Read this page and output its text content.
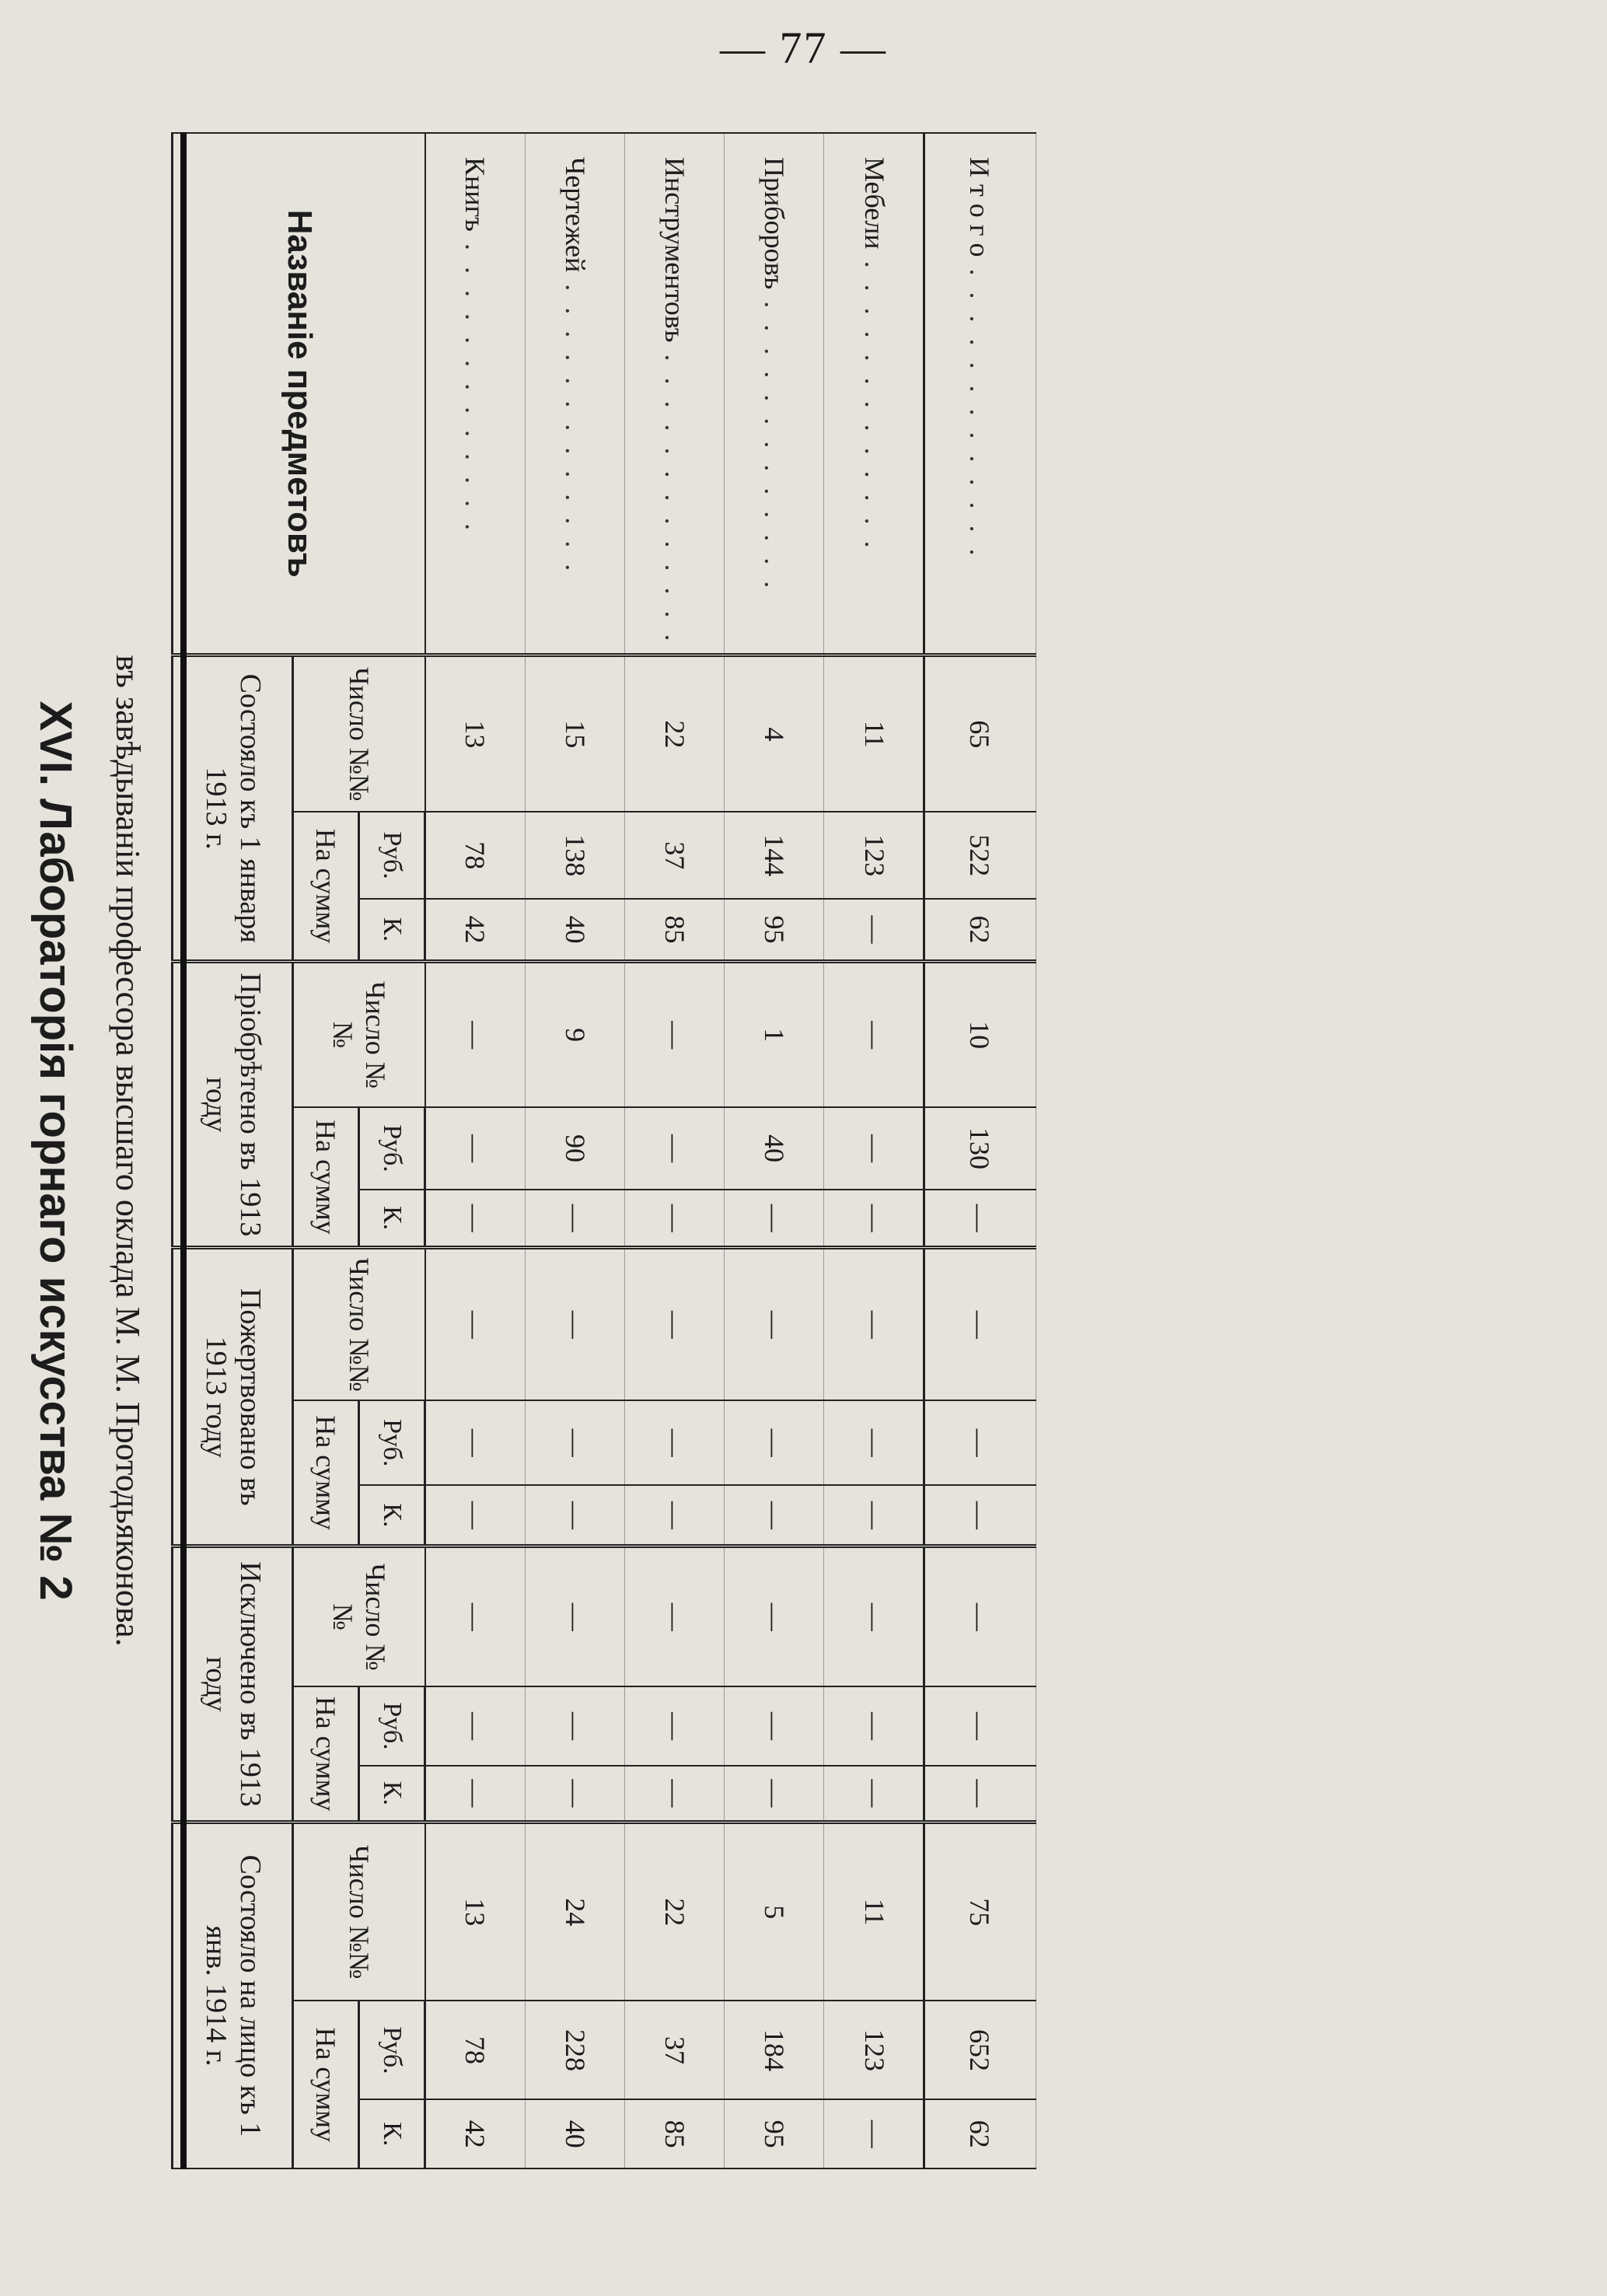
— 77 —
XVI. Лабораторія горнаго искусства № 2 въ завѣдываніи профессора высшаго оклада М. М. Протодьяконова.
Названіе предметовъ	Состояло къ 1 января 1913 г.			Пріобрѣтено въ 1913 году			Пожертвовано въ 1913 году			Исключено въ 1913 году			Состояло на лицо къ 1 янв. 1914 г.		
	Число №№	На сумму		Число №№	На сумму		Число №№	На сумму		Число №№	На сумму		Число №№	На сумму	
		Руб.	К.		Руб.	К.		Руб.	К.		Руб.	К.		Руб.	К.
Книгъ . . . . . . . . . . . . .	13	78	42	—	—	—	—	—	—	—	—	—	13	78	42
Чертежей . . . . . . . . . . . . .	15	138	40	9	90	—	—	—	—	—	—	—	24	228	40
Инструментовъ . . . . . . . . . . . . .	22	37	85	—	—	—	—	—	—	—	—	—	22	37	85
Приборовъ . . . . . . . . . . . . .	4	144	95	1	40	—	—	—	—	—	—	—	5	184	95
Мебели . . . . . . . . . . . . .	11	123	—	—	—	—	—	—	—	—	—	—	11	123	—
И т о г о . . . . . . . . . . . . .	65	522	62	10	130	—	—	—	—	—	—	—	75	652	62
